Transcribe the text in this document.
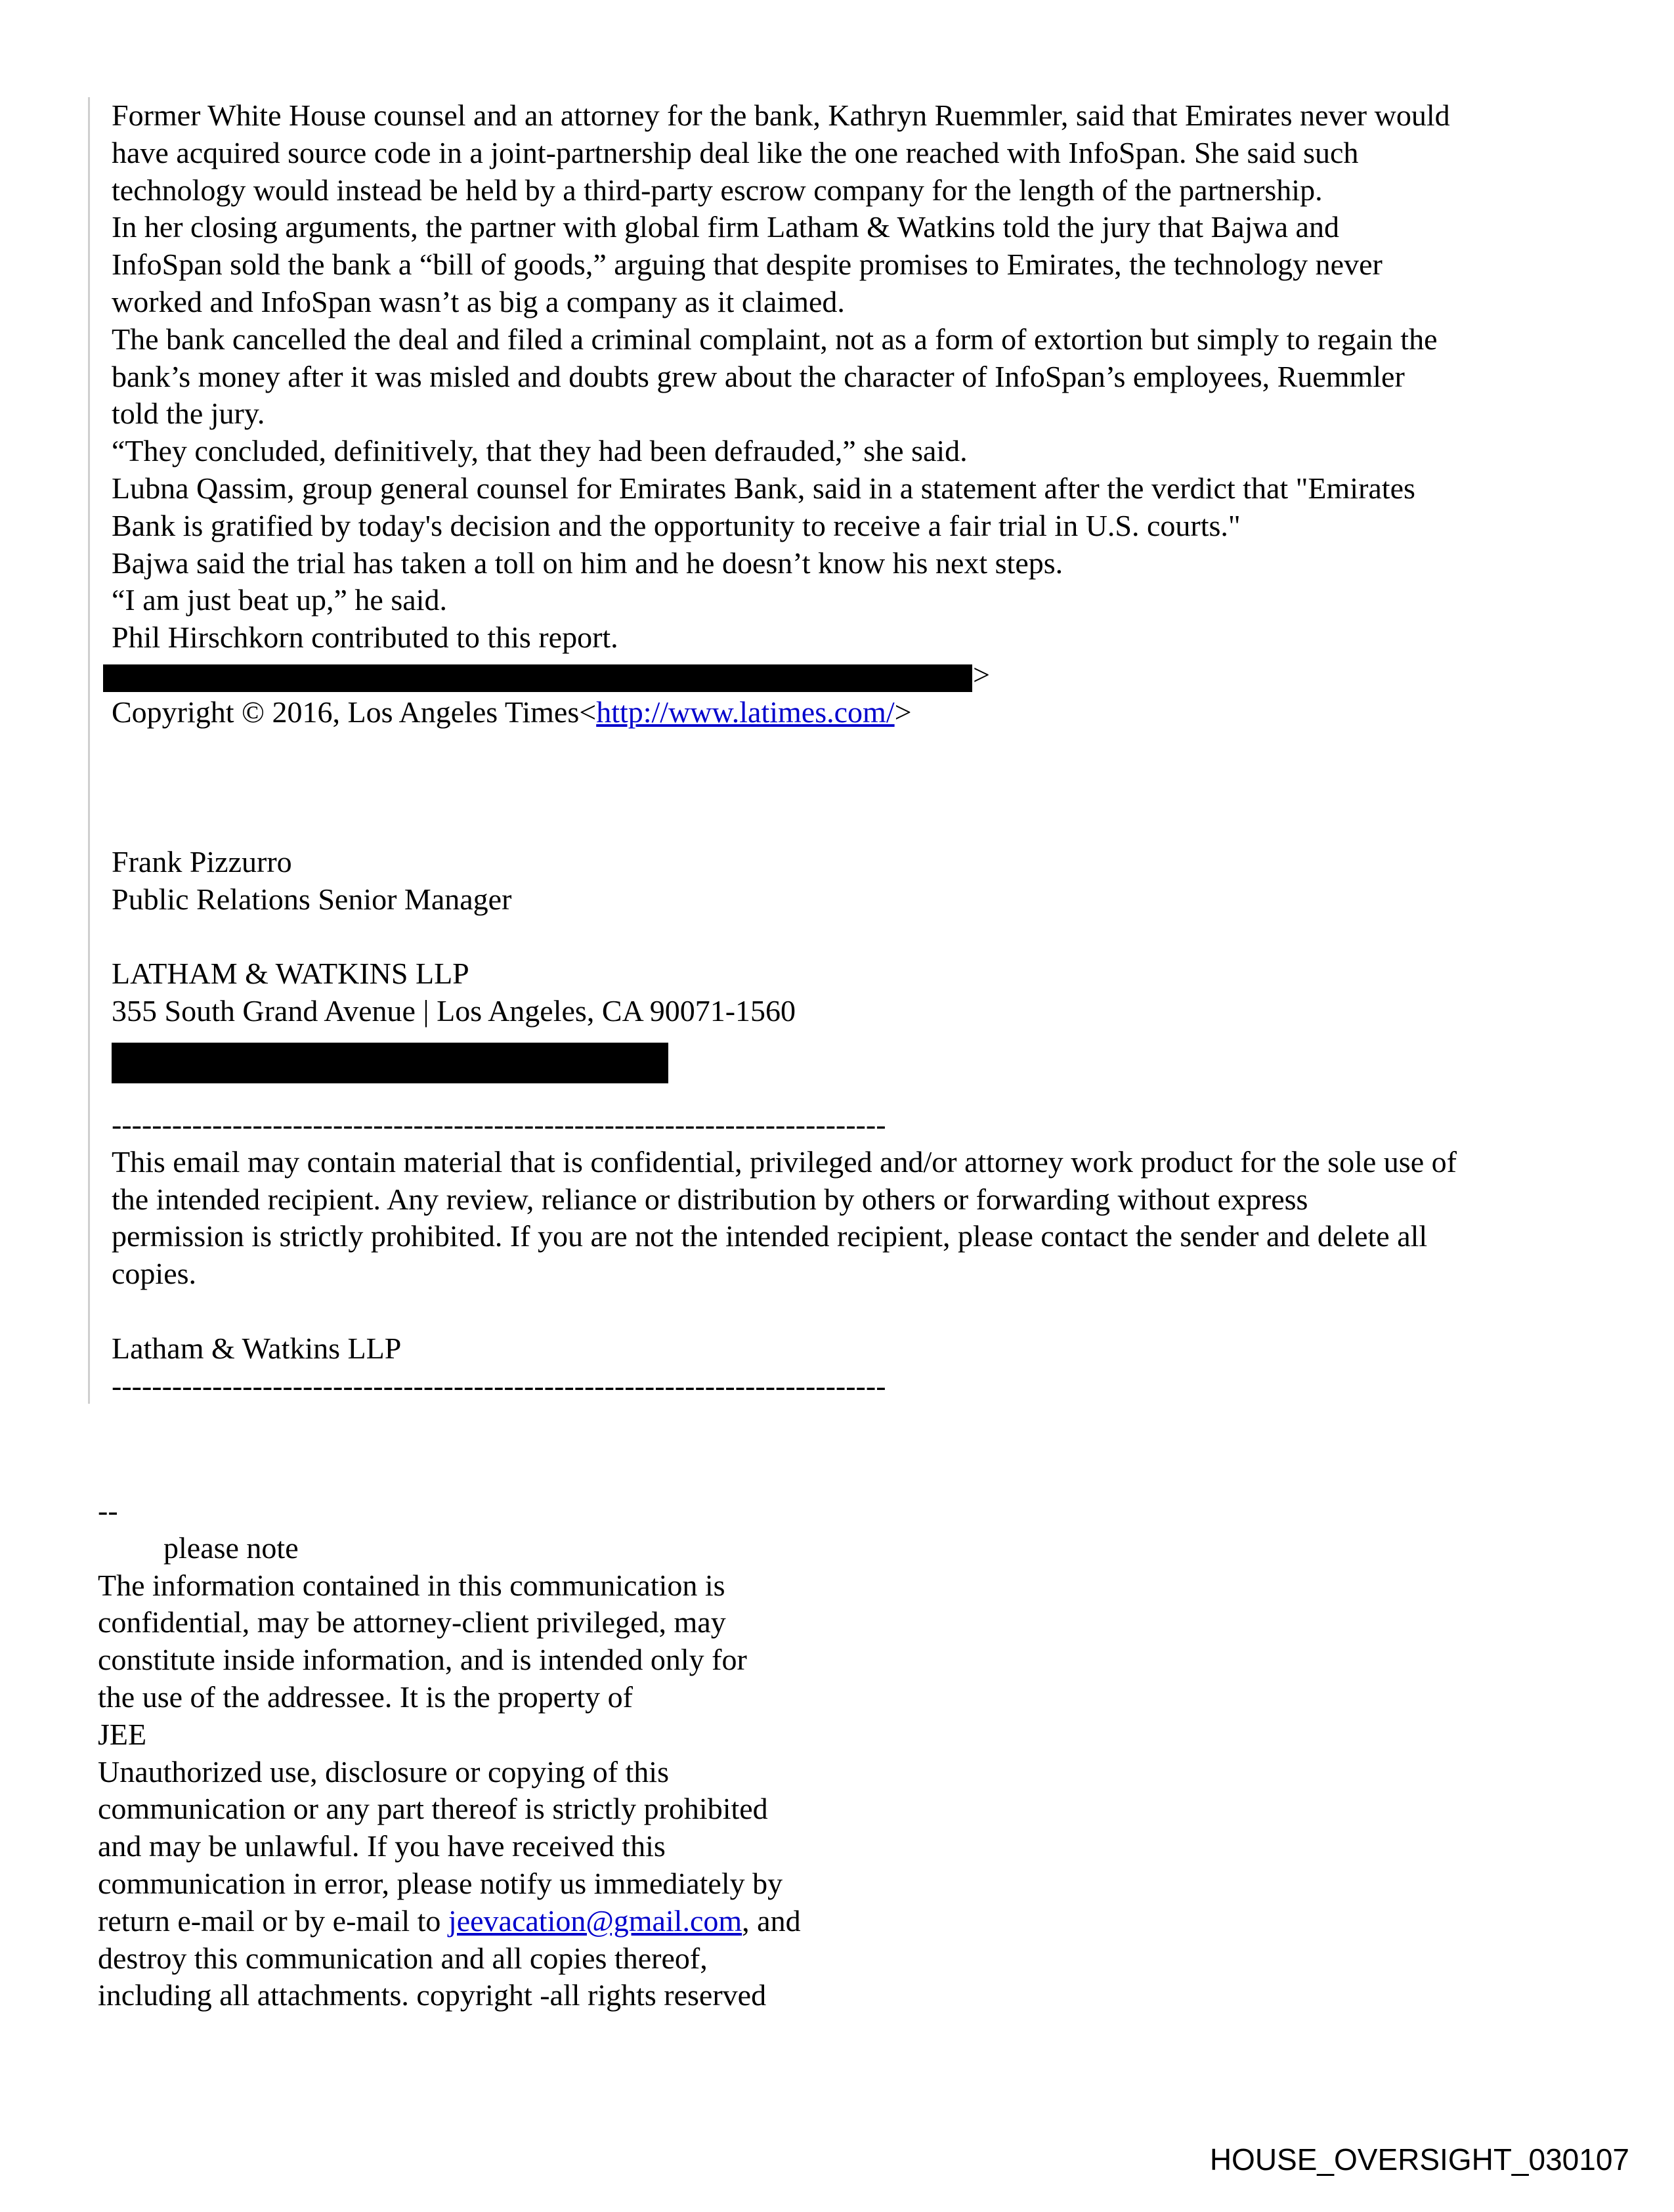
Former White House counsel and an attorney for the bank, Kathryn Ruemmler, said that Emirates never would
have acquired source code in a joint-partnership deal like the one reached with InfoSpan. She said such
technology would instead be held by a third-party escrow company for the length of the partnership.
In her closing arguments, the partner with global firm Latham & Watkins told the jury that Bajwa and
InfoSpan sold the bank a “bill of goods,” arguing that despite promises to Emirates, the technology never
worked and InfoSpan wasn’t as big a company as it claimed.
The bank cancelled the deal and filed a criminal complaint, not as a form of extortion but simply to regain the
bank’s money after it was misled and doubts grew about the character of InfoSpan’s employees, Ruemmler
told the jury.
“They concluded, definitively, that they had been defrauded,” she said.
Lubna Qassim, group general counsel for Emirates Bank, said in a statement after the verdict that "Emirates
Bank is gratified by today's decision and the opportunity to receive a fair trial in U.S. courts."
Bajwa said the trial has taken a toll on him and he doesn’t know his next steps.
“I am just beat up,” he said.
Phil Hirschkorn contributed to this report.
>
Copyright © 2016, Los Angeles Times<http://www.latimes.com/>
Frank Pizzurro
Public Relations Senior Manager
LATHAM & WATKINS LLP
355 South Grand Avenue | Los Angeles, CA 90071-1560
-----------------------------------------------------------------------------
This email may contain material that is confidential, privileged and/or attorney work product for the sole use of
the intended recipient. Any review, reliance or distribution by others or forwarding without express
permission is strictly prohibited. If you are not the intended recipient, please contact the sender and delete all
copies.
Latham & Watkins LLP
-----------------------------------------------------------------------------
--
please note
The information contained in this communication is
confidential, may be attorney-client privileged, may
constitute inside information, and is intended only for
the use of the addressee. It is the property of
JEE
Unauthorized use, disclosure or copying of this
communication or any part thereof is strictly prohibited
and may be unlawful. If you have received this
communication in error, please notify us immediately by
return e-mail or by e-mail to jeevacation@gmail.com, and
destroy this communication and all copies thereof,
including all attachments. copyright -all rights reserved
HOUSE_OVERSIGHT_030107
